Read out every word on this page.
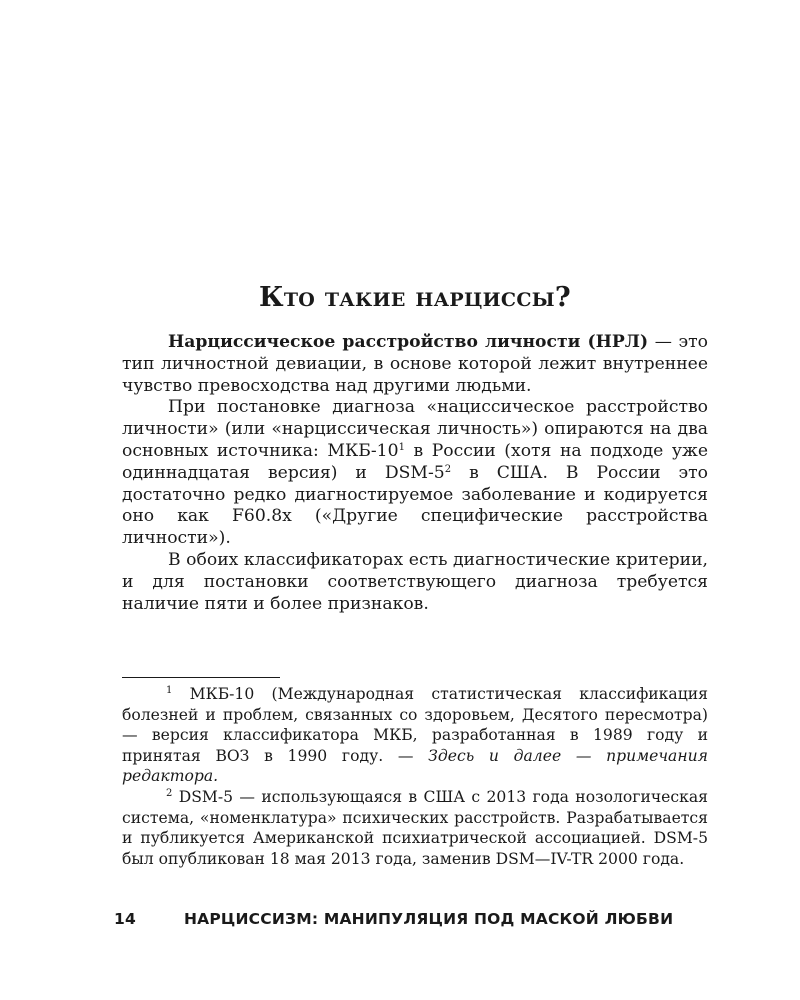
Кто такие нарциссы?

Нарциссическое расстройство личности (НРЛ) — это тип личностной девиации, в основе которой лежит внутреннее чувство превосходства над другими людьми.

При постановке диагноза «нациссическое расстройство личности» (или «нарциссическая личность») опираются на два основных источника: МКБ-$10^1$ в России (хотя на подходе уже одиннадцатая версия) и DSM-$5^2$ в США. В России это достаточно редко диагностируемое заболевание и кодируется оно как F60.8x («Другие специфические расстройства личности»).

В обоих классификаторах есть диагностические критерии, и для постановки соответствующего диагноза требуется наличие пяти и более признаков.

$^1$ МКБ-10 (Международная статистическая классификация болезней и проблем, связанных со здоровьем, Десятого пересмотра) — версия классификатора МКБ, разработанная в 1989 году и принятая ВОЗ в 1990 году. — Здесь и далее — примечания редактора.

$^2$ DSM-5 — использующаяся в США с 2013 года нозологическая система, «номенклатура» психических расстройств. Разрабатывается и публикуется Американской психиатрической ассоциацией. DSM-5 был опубликован 18 мая 2013 года, заменив DSM—IV-TR 2000 года.

14	НАРЦИССИЗМ: МАНИПУЛЯЦИЯ ПОД МАСКОЙ ЛЮБВИ
